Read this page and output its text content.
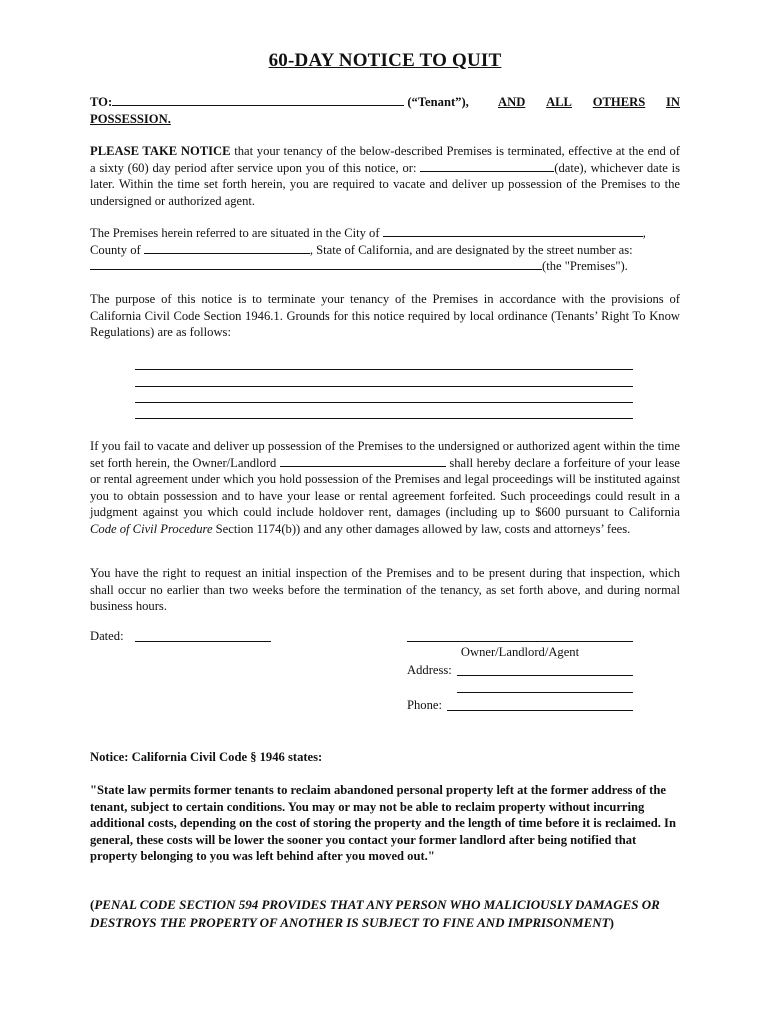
60-DAY NOTICE TO QUIT
TO:	(“Tenant”), AND ALL OTHERS IN
POSSESSION.
PLEASE TAKE NOTICE that your tenancy of the below-described Premises is terminated, effective at the end of a sixty (60) day period after service upon you of this notice, or:	(date), whichever date is later. Within the time set forth herein, you are required to vacate and deliver up possession of the Premises to the undersigned or authorized agent.
The Premises herein referred to are situated in the City of	,
County of	, State of California, and are designated by the street number as:
(the "Premises").
The purpose of this notice is to terminate your tenancy of the Premises in accordance with the provisions of California Civil Code Section 1946.1. Grounds for this notice required by local ordinance (Tenants’ Right To Know Regulations) are as follows:
If you fail to vacate and deliver up possession of the Premises to the undersigned or authorized agent within the time set forth herein, the Owner/Landlord	shall hereby declare a forfeiture of your lease or rental agreement under which you hold possession of the Premises and legal proceedings will be instituted against you to obtain possession and to have your lease or rental agreement forfeited. Such proceedings could result in a judgment against you which could include holdover rent, damages (including up to $600 pursuant to California Code of Civil Procedure Section 1174(b)) and any other damages allowed by law, costs and attorneys’ fees.
You have the right to request an initial inspection of the Premises and to be present during that inspection, which shall occur no earlier than two weeks before the termination of the tenancy, as set forth above, and during normal business hours.
Dated:
Owner/Landlord/Agent
Address:
Phone:
Notice: California Civil Code § 1946 states:
"State law permits former tenants to reclaim abandoned personal property left at the former address of the tenant, subject to certain conditions. You may or may not be able to reclaim property without incurring additional costs, depending on the cost of storing the property and the length of time before it is reclaimed. In general, these costs will be lower the sooner you contact your former landlord after being notified that property belonging to you was left behind after you moved out."
(PENAL CODE SECTION 594 PROVIDES THAT ANY PERSON WHO MALICIOUSLY DAMAGES OR DESTROYS THE PROPERTY OF ANOTHER IS SUBJECT TO FINE AND IMPRISONMENT)
